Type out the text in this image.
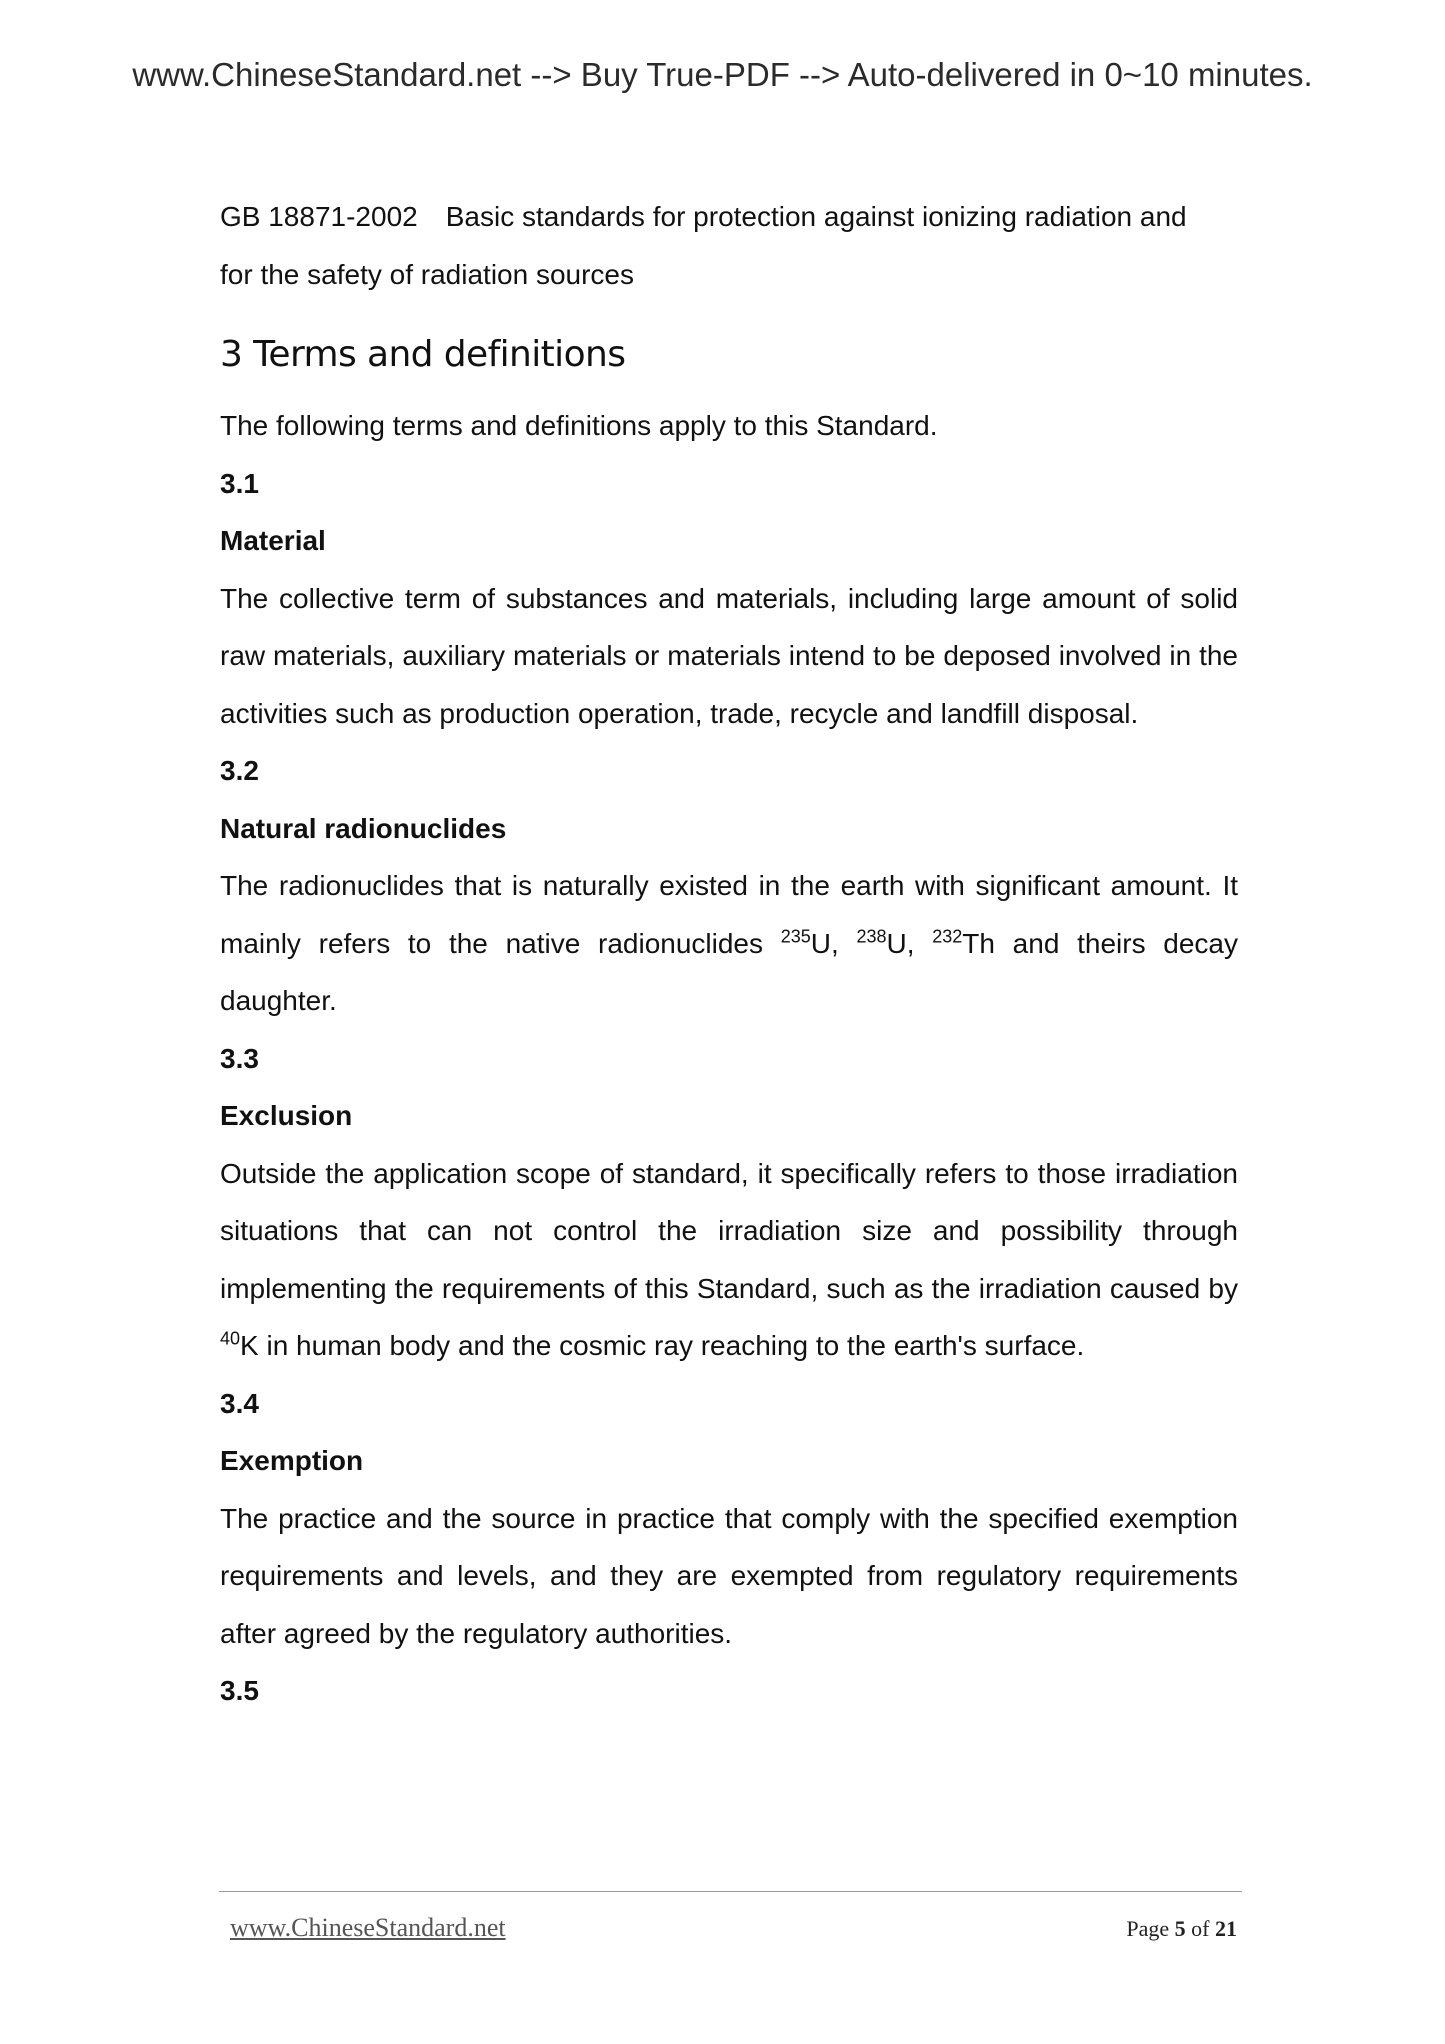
www.ChineseStandard.net --> Buy True-PDF --> Auto-delivered in 0~10 minutes.

GB 18871-2002 Basic standards for protection against ionizing radiation and

for the safety of radiation sources

3 Terms and definitions

The following terms and definitions apply to this Standard.

3.1

Material

The collective term of substances and materials, including large amount of solid raw materials, auxiliary materials or materials intend to be deposed involved in the activities such as production operation, trade, recycle and landfill disposal.

3.2

Natural radionuclides

The radionuclides that is naturally existed in the earth with significant amount. It mainly refers to the native radionuclides $^{235}$U, $^{238}$U, $^{232}$Th and theirs decay daughter.

3.3

Exclusion

Outside the application scope of standard, it specifically refers to those irradiation situations that can not control the irradiation size and possibility through implementing the requirements of this Standard, such as the irradiation caused by $^{40}$K in human body and the cosmic ray reaching to the earth's surface.

3.4

Exemption

The practice and the source in practice that comply with the specified exemption requirements and levels, and they are exempted from regulatory requirements after agreed by the regulatory authorities.

3.5

www.ChineseStandard.net	Page 5 of 21
